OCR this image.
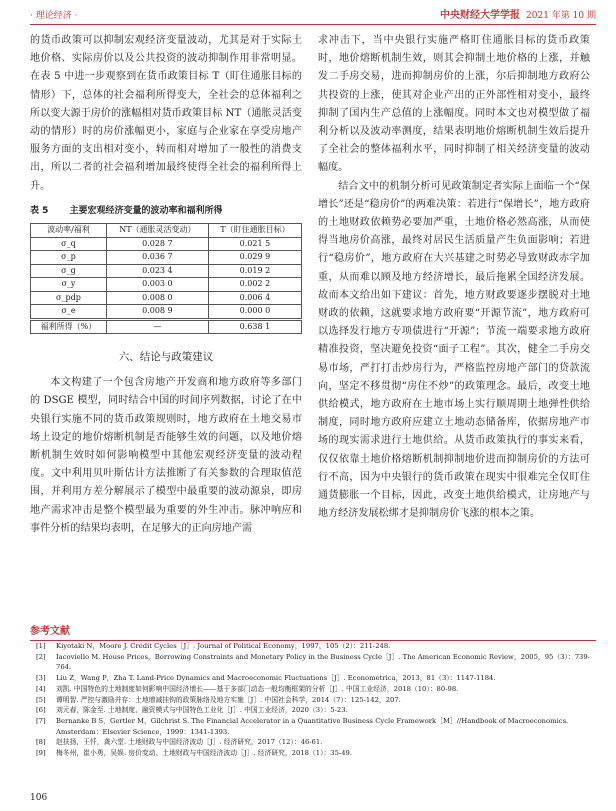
· 理论经济 ·	中央财经大学学报 2021 年第 10 期

的货币政策可以抑制宏观经济变量波动，尤其是对于实际土地价格、实际房价以及公共投资的波动抑制作用非常明显。在表 5 中进一步观察到在货币政策目标 T（盯住通胀目标的情形）下，总体的社会福利所得变大，全社会的总体福利之所以变大源于房价的涨幅相对货币政策目标 NT（通胀灵活变动的情形）时的房价涨幅更小，家庭与企业家在享受房地产服务方面的支出相对变小，转而相对增加了一般性的消费支出，所以二者的社会福利增加最终使得全社会的福利所得上升。

表 5 主要宏观经济变量的波动率和福利所得
波动率/福利	NT（通胀灵活变动）	T（盯住通胀目标）
σ_q	0.028 7	0.021 5
σ_p	0.036 7	0.029 9
σ_g	0.023 4	0.019 2
σ_y	0.003 0	0.002 2
σ_pdp	0.008 0	0.006 4
σ_e	0.008 9	0.000 0
福利所得（%）	—	0.638 1
六、结论与政策建议

本文构建了一个包含房地产开发商和地方政府等多部门的 DSGE 模型，同时结合中国的时间序列数据，讨论了在中央银行实施不同的货币政策规则时，地方政府在土地交易市场上设定的地价熔断机制是否能够生效的问题，以及地价熔断机制生效时如何影响模型中其他宏观经济变量的波动程度。文中利用贝叶斯估计方法推断了有关参数的合理取值范围，并利用方差分解展示了模型中最重要的波动源泉，即房地产需求冲击是整个模型最为重要的外生冲击。脉冲响应和事件分析的结果均表明，在足够大的正向房地产需

求冲击下，当中央银行实施严格盯住通胀目标的货币政策时，地价熔断机制生效，则其会抑制土地价格的上涨，并触发二手房交易，进而抑制房价的上涨，尔后抑制地方政府公共投资的上涨，使其对企业产出的正外部性相对变小，最终抑制了国内生产总值的上涨幅度。同时本文也对模型做了福利分析以及波动率测度，结果表明地价熔断机制生效后提升了全社会的整体福利水平，同时抑制了相关经济变量的波动幅度。

结合文中的机制分析可见政策制定者实际上面临一个“保增长”还是“稳房价”的两难决策：若进行“保增长”，地方政府的土地财政依赖势必要加严重，土地价格必然高涨，从而使得当地房价高涨，最终对居民生活质量产生负面影响；若进行“稳房价”，地方政府在大兴基建之时势必导致财政赤字加重，从而难以顾及地方经济增长，最后拖累全国经济发展。故而本文给出如下建议：首先，地方财政要逐步摆脱对土地财政的依赖，这就要求地方政府要“开源节流”，地方政府可以选择发行地方专项债进行“开源”；节流一端要求地方政府精准投资，坚决避免投资“面子工程”。其次，健全二手房交易市场，严打打击炒房行为，严格监控房地产部门的贷款流向，坚定不移贯彻“房住不炒”的政策理念。最后，改变土地供给模式，地方政府在土地市场上实行顺周期土地弹性供给制度，同时地方政府应建立土地动态储备库，依据房地产市场的现实需求进行土地供给。从货币政策执行的事实来看，仅仅依靠土地价格熔断机制抑制地价进而抑制房价的方法可行不高，因为中央银行的货币政策在现实中很难完全仅盯住通货膨胀一个目标，因此，改变土地供给模式，让房地产与地方经济发展松绑才是抑制房价飞涨的根本之策。

参考文献
[1] Kiyotaki N，Moore J. Credit Cycles［J］. Journal of Political Economy，1997，105（2）：211-248.
[2] Iacoviello M. House Prices，Borrowing Constraints and Monetary Policy in the Business Cycle［J］. The American Economic Review，2005，95（3）：739-764.
[3] Liu Z，Wang P，Zha T. Land-Price Dynamics and Macroeconomic Fluctuations［J］. Econometrica，2013，81（3）：1147-1184.
[4] 刘凯. 中国特色的土地制度如何影响中国经济增长——基于多部门动态一般均衡框架的分析［J］. 中国工业经济，2018（10）：80-98.
[5] 谭明智. 严控与激励并存：土地增减挂钩的政策脉络及地方实施［J］. 中国社会科学，2014（7）：125-142，207.
[6] 刘元春，陈金至. 土地制度、融资模式与中国特色工业化［J］. 中国工业经济，2020（3）：5-23.
[7] Bernanke B S，Gertler M，Gilchrist S. The Financial Accelerator in a Quantitative Business Cycle Framework［M］//Handbook of Macroeconomics. Amsterdam：Elsevier Science，1999：1341-1393.
[8] 赵扶扬，王忏，龚六堂. 土地财政与中国经济波动［J］. 经济研究，2017（12）：46-61.
[9] 梅冬州，崔小勇，吴娱. 房价变动、土地财政与中国经济波动［J］. 经济研究，2018（1）：35-49.
106
